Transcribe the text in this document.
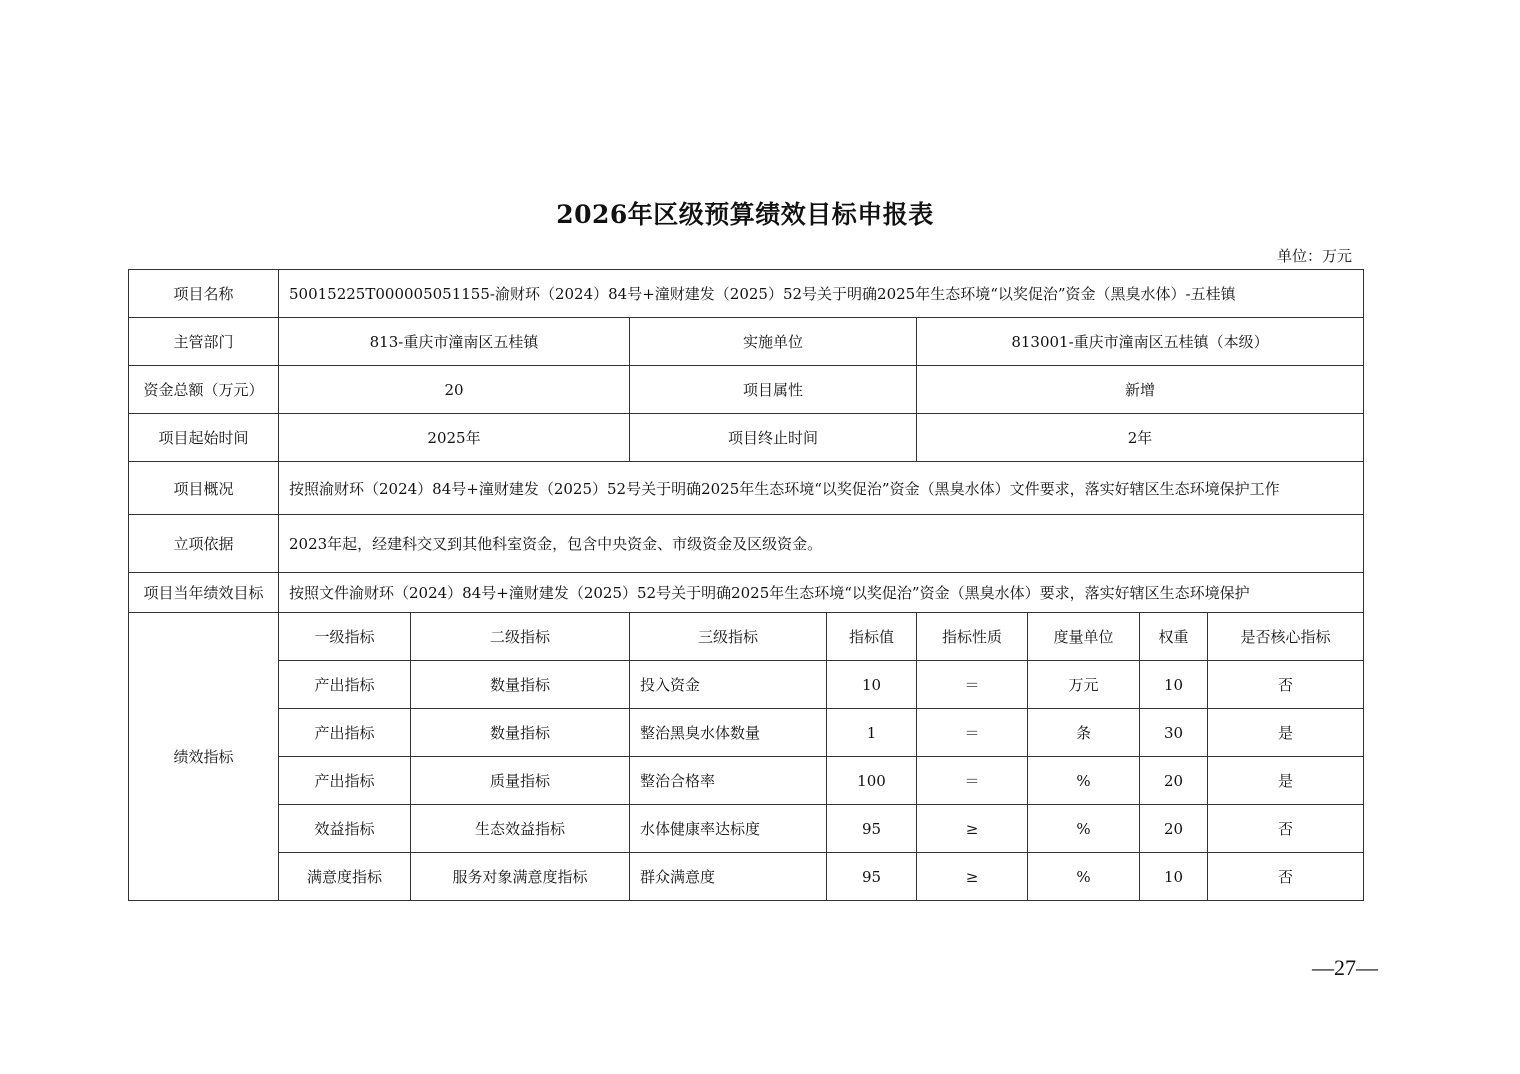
2026年区级预算绩效目标申报表
单位：万元
项目名称	50015225T000005051155-渝财环（2024）84号+潼财建发（2025）52号关于明确2025年生态环境“以奖促治”资金（黑臭水体）-五桂镇							
主管部门	813-重庆市潼南区五桂镇		实施单位		813001-重庆市潼南区五桂镇（本级）			
资金总额（万元）	20		项目属性		新增			
项目起始时间	2025年		项目终止时间		2年			
项目概况	按照渝财环（2024）84号+潼财建发（2025）52号关于明确2025年生态环境“以奖促治”资金（黑臭水体）文件要求，落实好辖区生态环境保护工作							
立项依据	2023年起，经建科交叉到其他科室资金，包含中央资金、市级资金及区级资金。							
项目当年绩效目标	按照文件渝财环（2024）84号+潼财建发（2025）52号关于明确2025年生态环境“以奖促治”资金（黑臭水体）要求，落实好辖区生态环境保护							
绩效指标	一级指标	二级指标	三级指标	指标值	指标性质	度量单位	权重	是否核心指标
	产出指标	数量指标	投入资金	10	＝	万元	10	否
	产出指标	数量指标	整治黑臭水体数量	1	＝	条	30	是
	产出指标	质量指标	整治合格率	100	＝	%	20	是
	效益指标	生态效益指标	水体健康率达标度	95	≥	%	20	否
	满意度指标	服务对象满意度指标	群众满意度	95	≥	%	10	否
—27—
